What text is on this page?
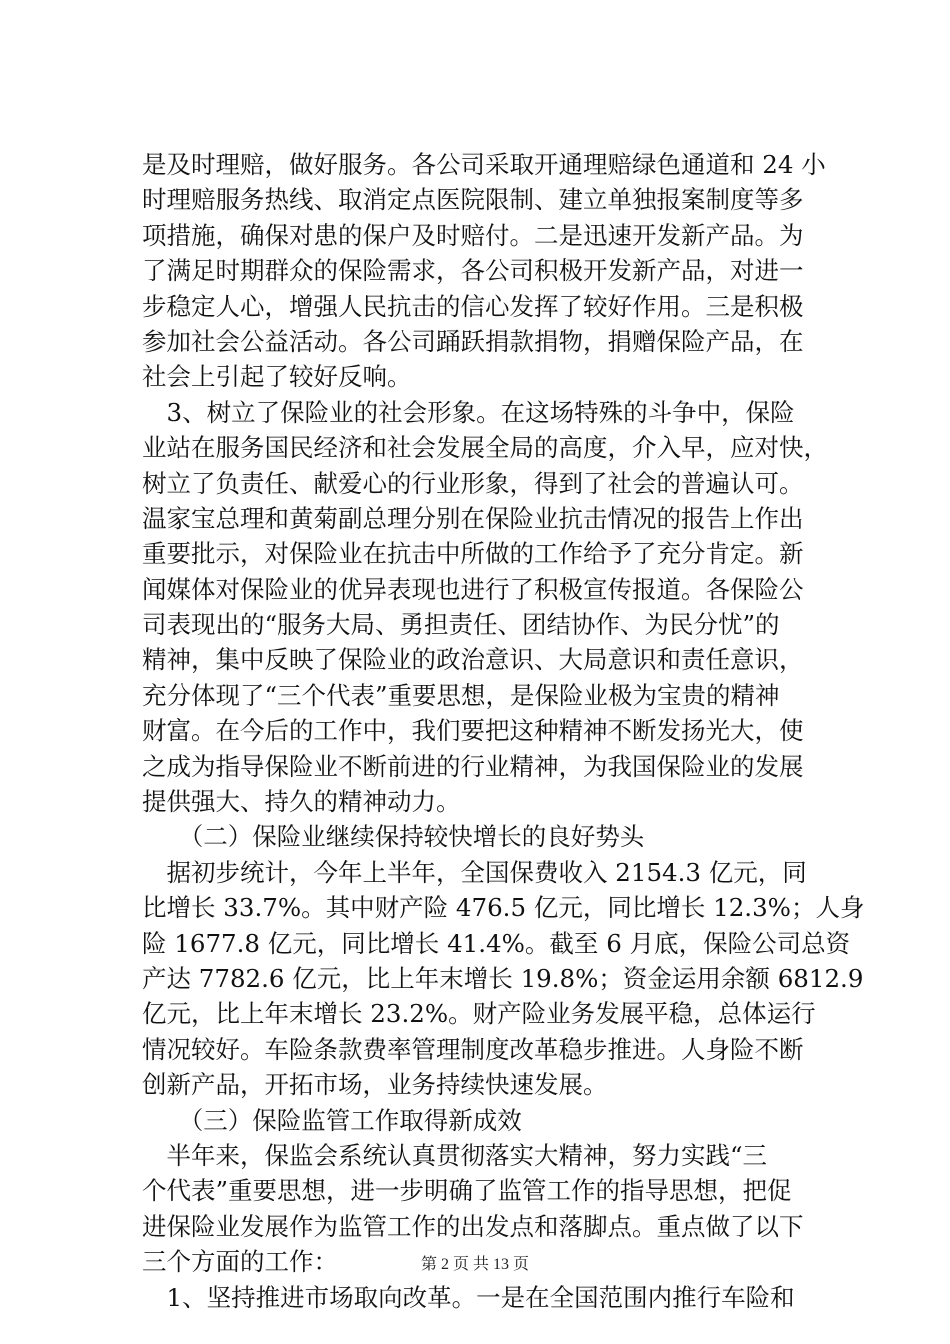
是及时理赔，做好服务。各公司采取开通理赔绿色通道和 24 小
时理赔服务热线、取消定点医院限制、建立单独报案制度等多
项措施，确保对患的保户及时赔付。二是迅速开发新产品。为
了满足时期群众的保险需求，各公司积极开发新产品，对进一
步稳定人心，增强人民抗击的信心发挥了较好作用。三是积极
参加社会公益活动。各公司踊跃捐款捐物，捐赠保险产品，在
社会上引起了较好反响。
　3、树立了保险业的社会形象。在这场特殊的斗争中，保险
业站在服务国民经济和社会发展全局的高度，介入早，应对快，
树立了负责任、献爱心的行业形象，得到了社会的普遍认可。
温家宝总理和黄菊副总理分别在保险业抗击情况的报告上作出
重要批示，对保险业在抗击中所做的工作给予了充分肯定。新
闻媒体对保险业的优异表现也进行了积极宣传报道。各保险公
司表现出的“服务大局、勇担责任、团结协作、为民分忧”的
精神，集中反映了保险业的政治意识、大局意识和责任意识，
充分体现了“三个代表”重要思想，是保险业极为宝贵的精神
财富。在今后的工作中，我们要把这种精神不断发扬光大，使
之成为指导保险业不断前进的行业精神，为我国保险业的发展
提供强大、持久的精神动力。
　　（二）保险业继续保持较快增长的良好势头
　据初步统计，今年上半年，全国保费收入 2154.3 亿元，同
比增长 33.7%。其中财产险 476.5 亿元，同比增长 12.3%；人身
险 1677.8 亿元，同比增长 41.4%。截至 6 月底，保险公司总资
产达 7782.6 亿元，比上年末增长 19.8%；资金运用余额 6812.9
亿元，比上年末增长 23.2%。财产险业务发展平稳，总体运行
情况较好。车险条款费率管理制度改革稳步推进。人身险不断
创新产品，开拓市场，业务持续快速发展。
　　（三）保险监管工作取得新成效
　半年来，保监会系统认真贯彻落实大精神，努力实践“三
个代表”重要思想，进一步明确了监管工作的指导思想，把促
进保险业发展作为监管工作的出发点和落脚点。重点做了以下
三个方面的工作：
　1、坚持推进市场取向改革。一是在全国范围内推行车险和
第 2 页 共 13 页
